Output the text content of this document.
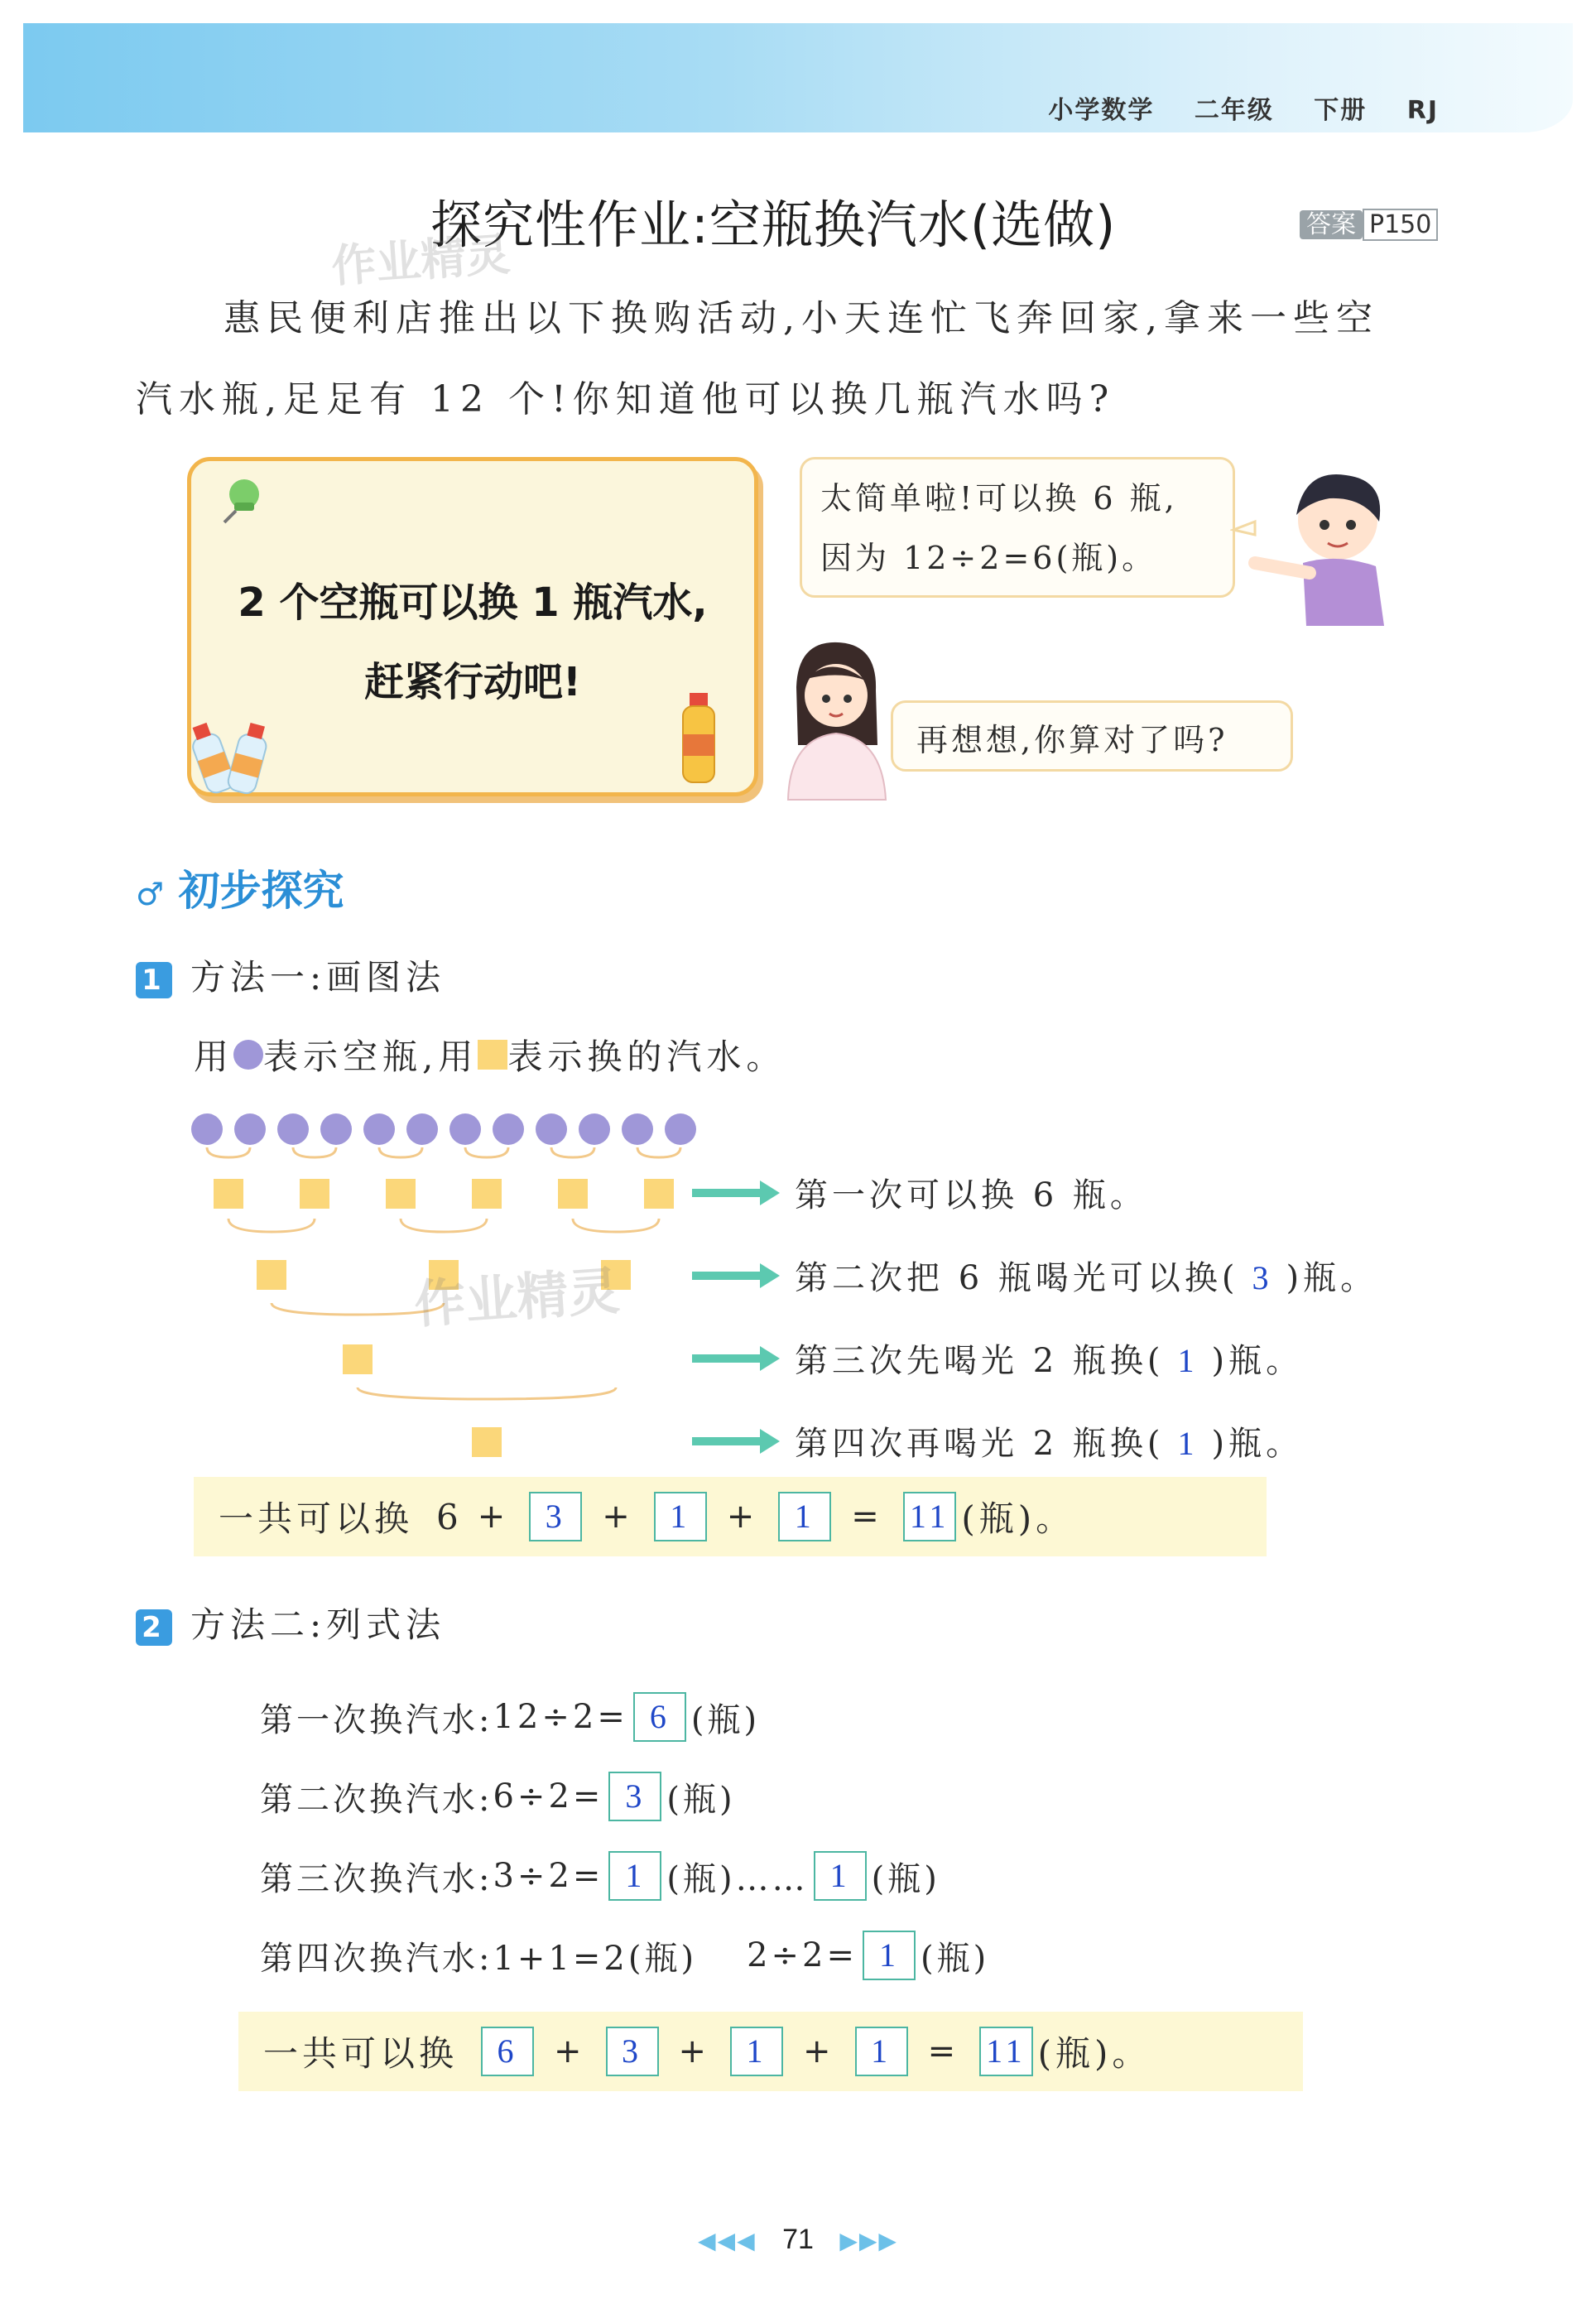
小学数学 二年级 下册 RJ
探究性作业:空瓶换汽水(选做)	答案 P150
作业精灵
惠民便利店推出以下换购活动,小天连忙飞奔回家,拿来一些空
汽水瓶,足足有 12 个!你知道他可以换几瓶汽水吗?
2 个空瓶可以换 1 瓶汽水,
赶紧行动吧!
太简单啦!可以换 6 瓶,
因为 12÷2=6(瓶)。
再想想,你算对了吗?
♂ 初步探究
1 方法一:画图法
用 表示空瓶,用 表示换的汽水。
第一次可以换 6 瓶。
第二次把 6 瓶喝光可以换( 3 )瓶。
第三次先喝光 2 瓶换( 1 )瓶。
第四次再喝光 2 瓶换( 1 )瓶。
作业精灵
一共可以换 6 +	3	+	1	+	1	= 11 (瓶)。
2 方法二:列式法
第一次换汽水: 12÷2= 6 (瓶)
第二次换汽水: 6÷2= 3 (瓶)
第三次换汽水: 3÷2= 1 (瓶)…… 1 (瓶)
第四次换汽水: 1+1=2(瓶) 2÷2= 1 (瓶)
一共可以换	6	+	3	+	1	+	1	= 11 (瓶)。
◀◀◀ 71 ▶▶▶
